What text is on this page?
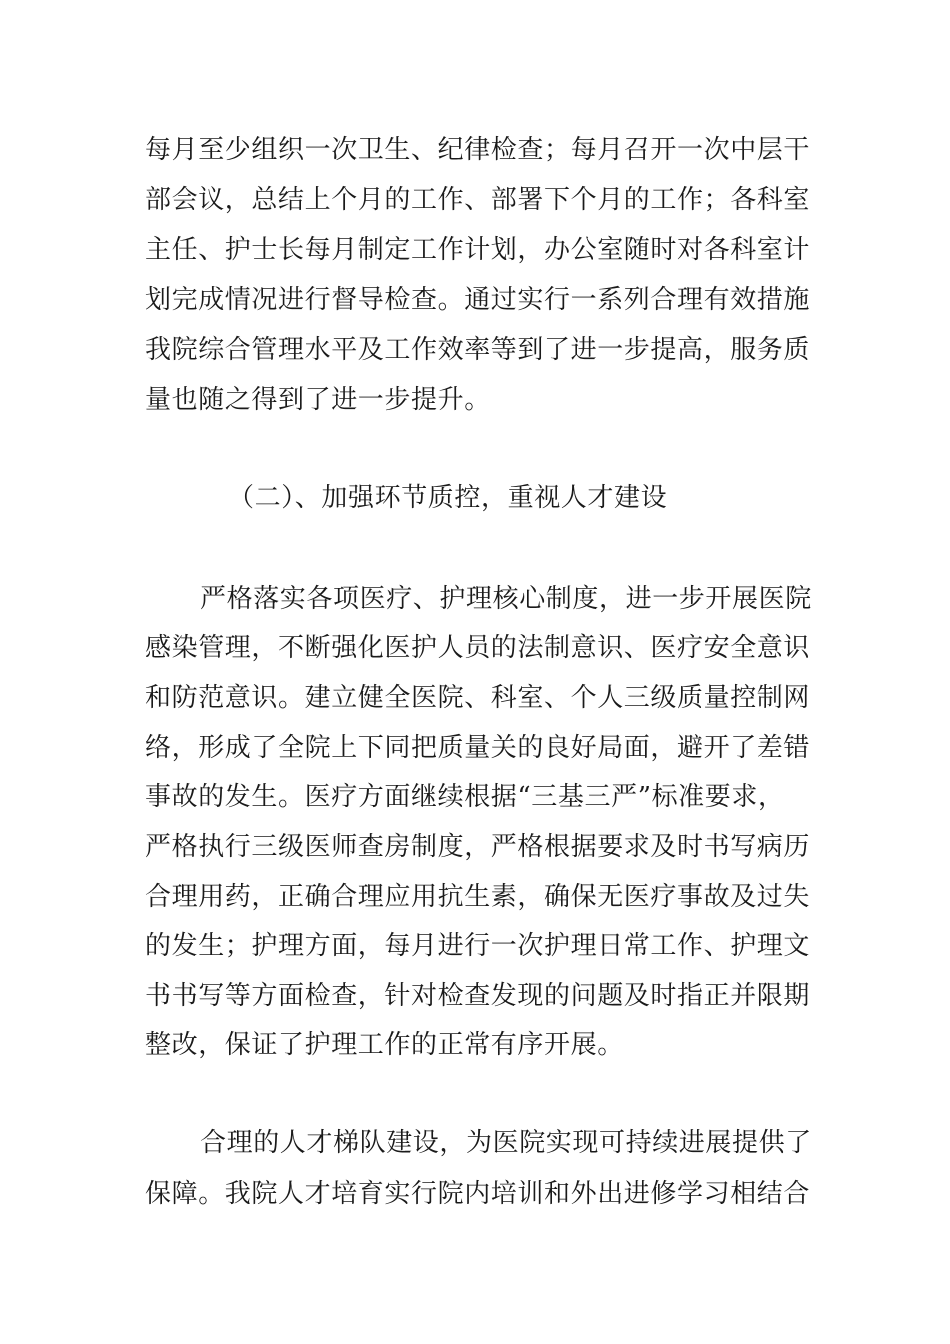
每月至少组织一次卫生、纪律检查；每月召开一次中层干
部会议，总结上个月的工作、部署下个月的工作；各科室
主任、护士长每月制定工作计划，办公室随时对各科室计
划完成情况进行督导检查。通过实行一系列合理有效措施
我院综合管理水平及工作效率等到了进一步提高，服务质
量也随之得到了进一步提升。
（二）、加强环节质控，重视人才建设
严格落实各项医疗、护理核心制度，进一步开展医院
感染管理，不断强化医护人员的法制意识、医疗安全意识
和防范意识。建立健全医院、科室、个人三级质量控制网
络，形成了全院上下同把质量关的良好局面，避开了差错
事故的发生。医疗方面继续根据“三基三严”标准要求，
严格执行三级医师查房制度，严格根据要求及时书写病历
合理用药，正确合理应用抗生素，确保无医疗事故及过失
的发生；护理方面，每月进行一次护理日常工作、护理文
书书写等方面检查，针对检查发现的问题及时指正并限期
整改，保证了护理工作的正常有序开展。
合理的人才梯队建设，为医院实现可持续进展提供了
保障。我院人才培育实行院内培训和外出进修学习相结合
